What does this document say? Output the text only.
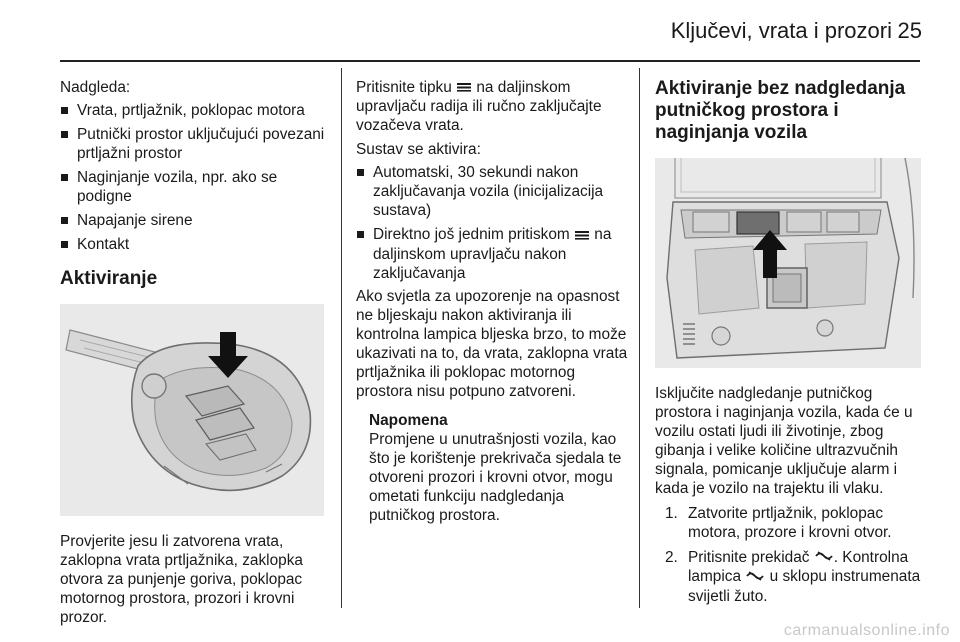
Ključevi, vrata i prozori 25

Nadgleda:

Vrata, prtljažnik, poklopac motora
Putnički prostor uključujući povezani prtljažni prostor
Naginjanje vozila, npr. ako se podigne
Napajanje sirene
Kontakt
Aktiviranje

Provjerite jesu li zatvorena vrata, zaklopna vrata prtljažnika, zaklopka otvora za punjenje goriva, poklopac motornog prostora, prozori i krovni prozor.

Pritisnite tipku na daljinskom upravljaču radija ili ručno zaključajte vozačeva vrata.

Sustav se aktivira:

Automatski, 30 sekundi nakon zaključavanja vozila (inicijalizacija sustava)
Direktno još jednim pritiskom na daljinskom upravljaču nakon zaključavanja

Ako svjetla za upozorenje na opasnost ne bljeskaju nakon aktiviranja ili kontrolna lampica bljeska brzo, to može ukazivati na to, da vrata, zaklopna vrata prtljažnika ili poklopac motornog prostora nisu potpuno zatvoreni.

Napomena

Promjene u unutrašnjosti vozila, kao što je korištenje prekrivača sjedala te otvoreni prozori i krovni otvor, mogu ometati funkciju nadgledanja putničkog prostora.

Aktiviranje bez nadgledanja putničkog prostora i naginjanja vozila

Isključite nadgledanje putničkog prostora i naginjanja vozila, kada će u vozilu ostati ljudi ili životinje, zbog gibanja i velike količine ultrazvučnih signala, pomicanje uključuje alarm i kada je vozilo na trajektu ili vlaku.

1. Zatvorite prtljažnik, poklopac motora, prozore i krovni otvor.
2. Pritisnite prekidač . Kontrolna lampica u sklopu instrumenata svijetli žuto.
carmanualsonline.info
